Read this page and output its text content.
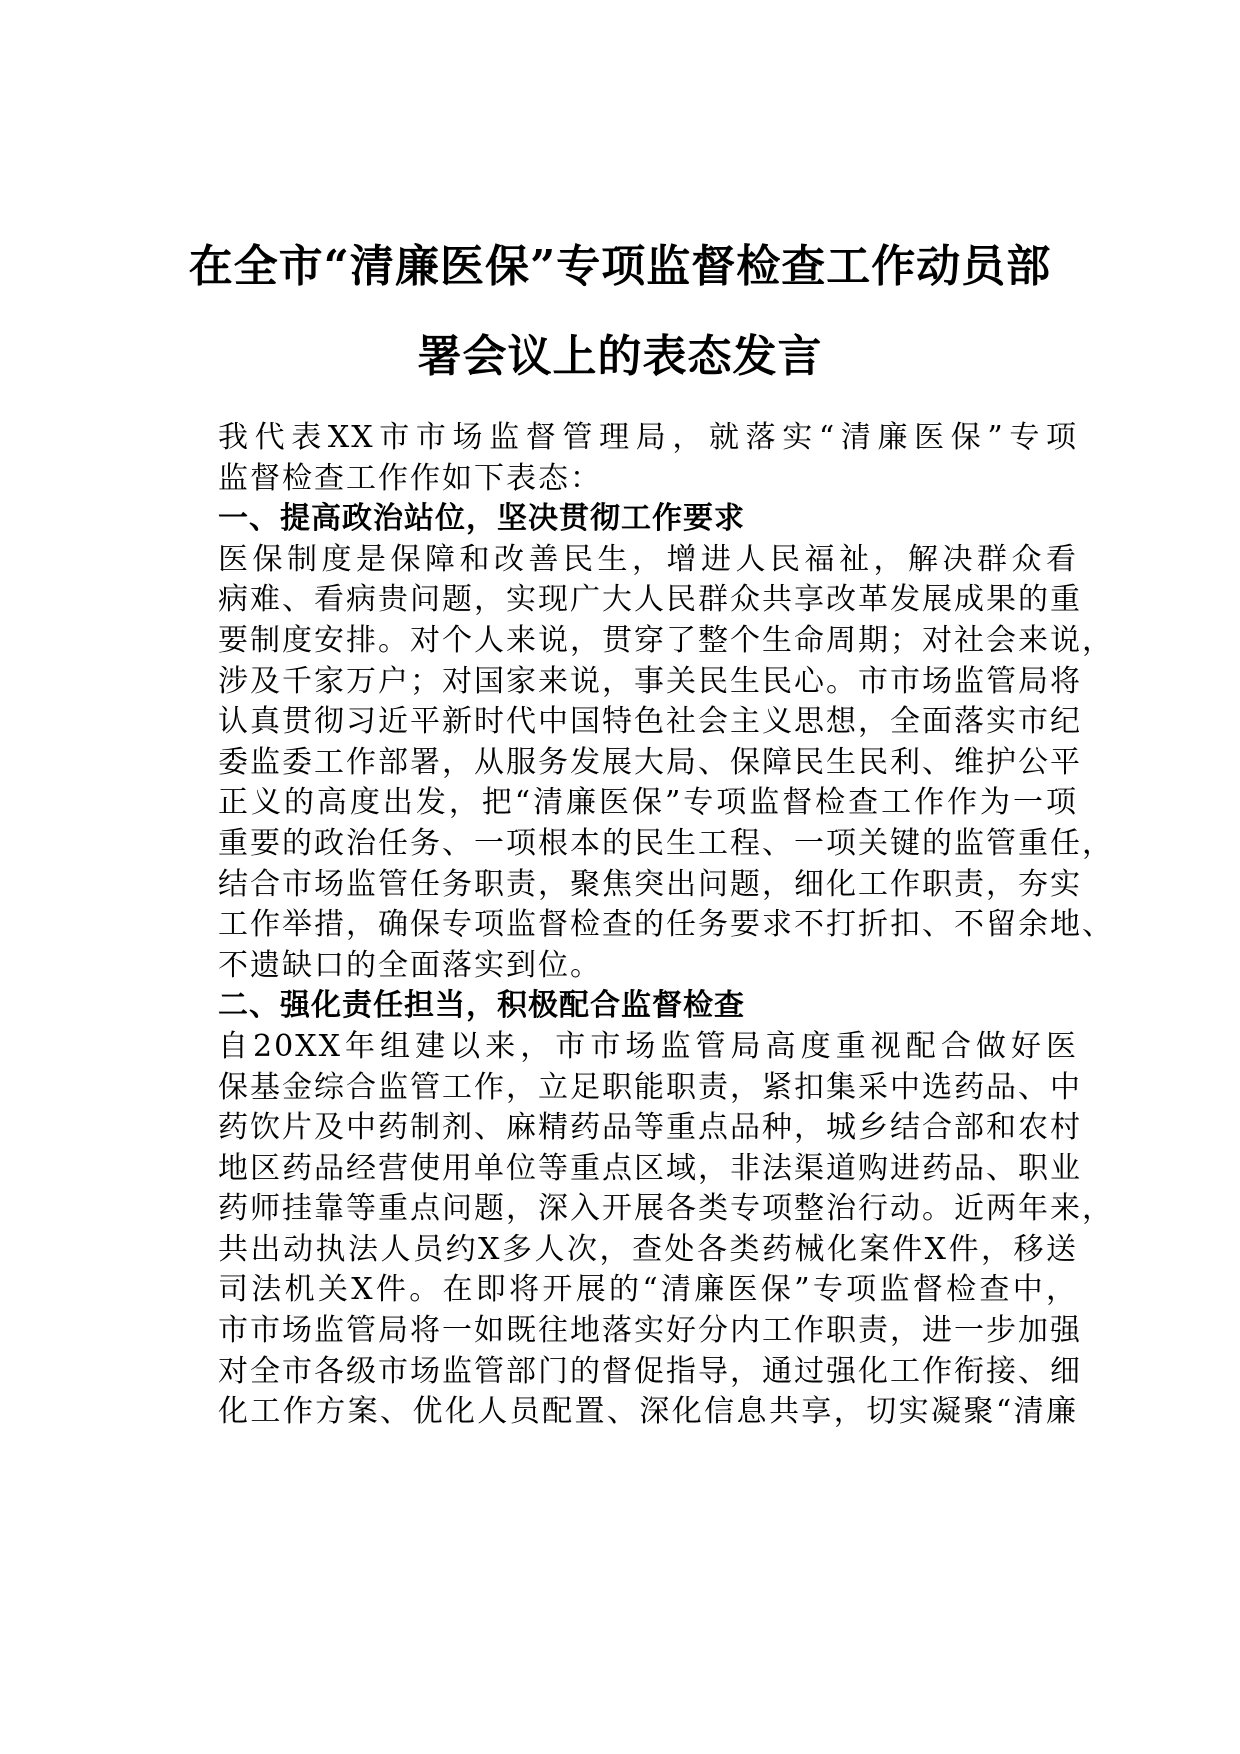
在全市“清廉医保”专项监督检查工作动员部
署会议上的表态发言
我代表XX市市场监督管理局，就落实“清廉医保”专项
监督检查工作作如下表态：
一、提高政治站位，坚决贯彻工作要求
医保制度是保障和改善民生，增进人民福祉，解决群众看
病难、看病贵问题，实现广大人民群众共享改革发展成果的重
要制度安排。对个人来说，贯穿了整个生命周期；对社会来说，
涉及千家万户；对国家来说，事关民生民心。市市场监管局将
认真贯彻习近平新时代中国特色社会主义思想，全面落实市纪
委监委工作部署，从服务发展大局、保障民生民利、维护公平
正义的高度出发，把“清廉医保”专项监督检查工作作为一项
重要的政治任务、一项根本的民生工程、一项关键的监管重任，
结合市场监管任务职责，聚焦突出问题，细化工作职责，夯实
工作举措，确保专项监督检查的任务要求不打折扣、不留余地、
不遗缺口的全面落实到位。
二、强化责任担当，积极配合监督检查
自20XX年组建以来，市市场监管局高度重视配合做好医
保基金综合监管工作，立足职能职责，紧扣集采中选药品、中
药饮片及中药制剂、麻精药品等重点品种，城乡结合部和农村
地区药品经营使用单位等重点区域，非法渠道购进药品、职业
药师挂靠等重点问题，深入开展各类专项整治行动。近两年来，
共出动执法人员约X多人次，查处各类药械化案件X件，移送
司法机关X件。在即将开展的“清廉医保”专项监督检查中，
市市场监管局将一如既往地落实好分内工作职责，进一步加强
对全市各级市场监管部门的督促指导，通过强化工作衔接、细
化工作方案、优化人员配置、深化信息共享，切实凝聚“清廉
